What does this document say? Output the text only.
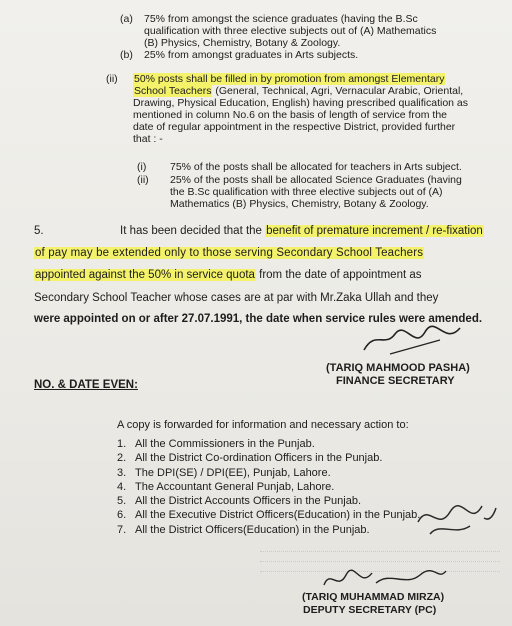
(a) 75% from amongst the science graduates (having the B.Sc
qualification with three elective subjects out of (A) Mathematics
(B) Physics, Chemistry, Botany & Zoology.
(b) 25% from amongst graduates in Arts subjects.
(ii) 50% posts shall be filled in by promotion from amongst Elementary
School Teachers (General, Technical, Agri, Vernacular Arabic, Oriental,
Drawing, Physical Education, English) having prescribed qualification as
mentioned in column No.6 on the basis of length of service from the
date of regular appointment in the respective District, provided further
that : -
(i) 75% of the posts shall be allocated for teachers in Arts subject.
(ii) 25% of the posts shall be allocated Science Graduates (having
the B.Sc qualification with three elective subjects out of (A)
Mathematics (B) Physics, Chemistry, Botany & Zoology.
5.	It has been decided that the benefit of premature increment / re-fixation
of pay may be extended only to those serving Secondary School Teachers
appointed against the 50% in service quota from the date of appointment as
Secondary School Teacher whose cases are at par with Mr.Zaka Ullah and they
were appointed on or after 27.07.1991, the date when service rules were amended.
(TARIQ MAHMOOD PASHA)
FINANCE SECRETARY
NO. & DATE EVEN:
A copy is forwarded for information and necessary action to:
1. All the Commissioners in the Punjab.
2. All the District Co-ordination Officers in the Punjab.
3. The DPI(SE) / DPI(EE), Punjab, Lahore.
4. The Accountant General Punjab, Lahore.
5. All the District Accounts Officers in the Punjab.
6. All the Executive District Officers(Education) in the Punjab.
7. All the District Officers(Education) in the Punjab.
(TARIQ MUHAMMAD MIRZA)
DEPUTY SECRETARY (PC)
